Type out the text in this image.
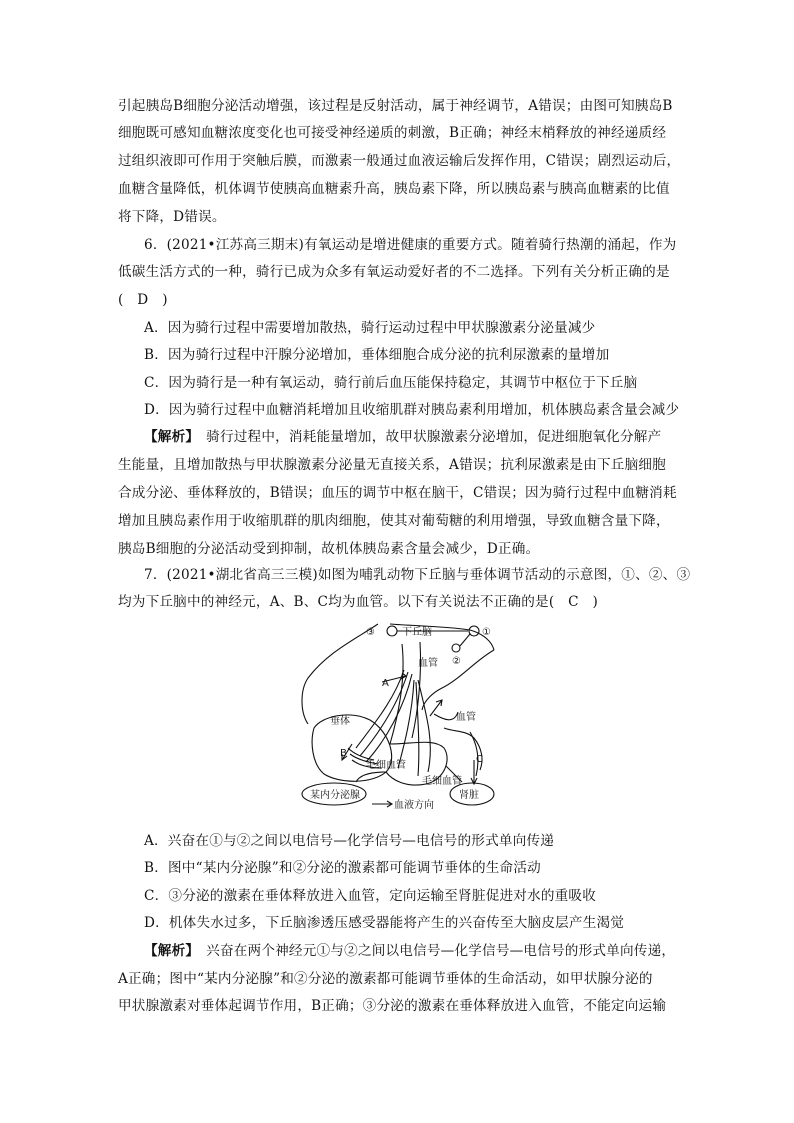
引起胰岛B细胞分泌活动增强，该过程是反射活动，属于神经调节，A错误；由图可知胰岛B
细胞既可感知血糖浓度变化也可接受神经递质的刺激，B正确；神经末梢释放的神经递质经
过组织液即可作用于突触后膜，而激素一般通过血液运输后发挥作用，C错误；剧烈运动后，
血糖含量降低，机体调节使胰高血糖素升高，胰岛素下降，所以胰岛素与胰高血糖素的比值
将下降，D错误。
6．(2021•江苏高三期末)有氧运动是增进健康的重要方式。随着骑行热潮的涌起，作为
低碳生活方式的一种，骑行已成为众多有氧运动爱好者的不二选择。下列有关分析正确的是
(　D　)
A．因为骑行过程中需要增加散热，骑行运动过程中甲状腺激素分泌量减少
B．因为骑行过程中汗腺分泌增加，垂体细胞合成分泌的抗利尿激素的量增加
C．因为骑行是一种有氧运动，骑行前后血压能保持稳定，其调节中枢位于下丘脑
D．因为骑行过程中血糖消耗增加且收缩肌群对胰岛素利用增加，机体胰岛素含量会减少
【解析】　骑行过程中，消耗能量增加，故甲状腺激素分泌增加，促进细胞氧化分解产
生能量，且增加散热与甲状腺激素分泌量无直接关系，A错误；抗利尿激素是由下丘脑细胞
合成分泌、垂体释放的，B错误；血压的调节中枢在脑干，C错误；因为骑行过程中血糖消耗
增加且胰岛素作用于收缩肌群的肌肉细胞，使其对葡萄糖的利用增强，导致血糖含量下降，
胰岛B细胞的分泌活动受到抑制，故机体胰岛素含量会减少，D正确。
7．(2021•湖北省高三三模)如图为哺乳动物下丘脑与垂体调节活动的示意图，①、②、③
均为下丘脑中的神经元，A、B、C均为血管。以下有关说法不正确的是(　C　)
③	下丘脑	①
②
血管
A
垂体	血管
B
毛细血管
C
毛细血管
某内分泌腺
血液方向
肾脏
A．兴奋在①与②之间以电信号—化学信号—电信号的形式单向传递
B．图中“某内分泌腺”和②分泌的激素都可能调节垂体的生命活动
C．③分泌的激素在垂体释放进入血管，定向运输至肾脏促进对水的重吸收
D．机体失水过多，下丘脑渗透压感受器能将产生的兴奋传至大脑皮层产生渴觉
【解析】　兴奋在两个神经元①与②之间以电信号—化学信号—电信号的形式单向传递，
A正确；图中“某内分泌腺”和②分泌的激素都可能调节垂体的生命活动，如甲状腺分泌的
甲状腺激素对垂体起调节作用，B正确；③分泌的激素在垂体释放进入血管，不能定向运输
